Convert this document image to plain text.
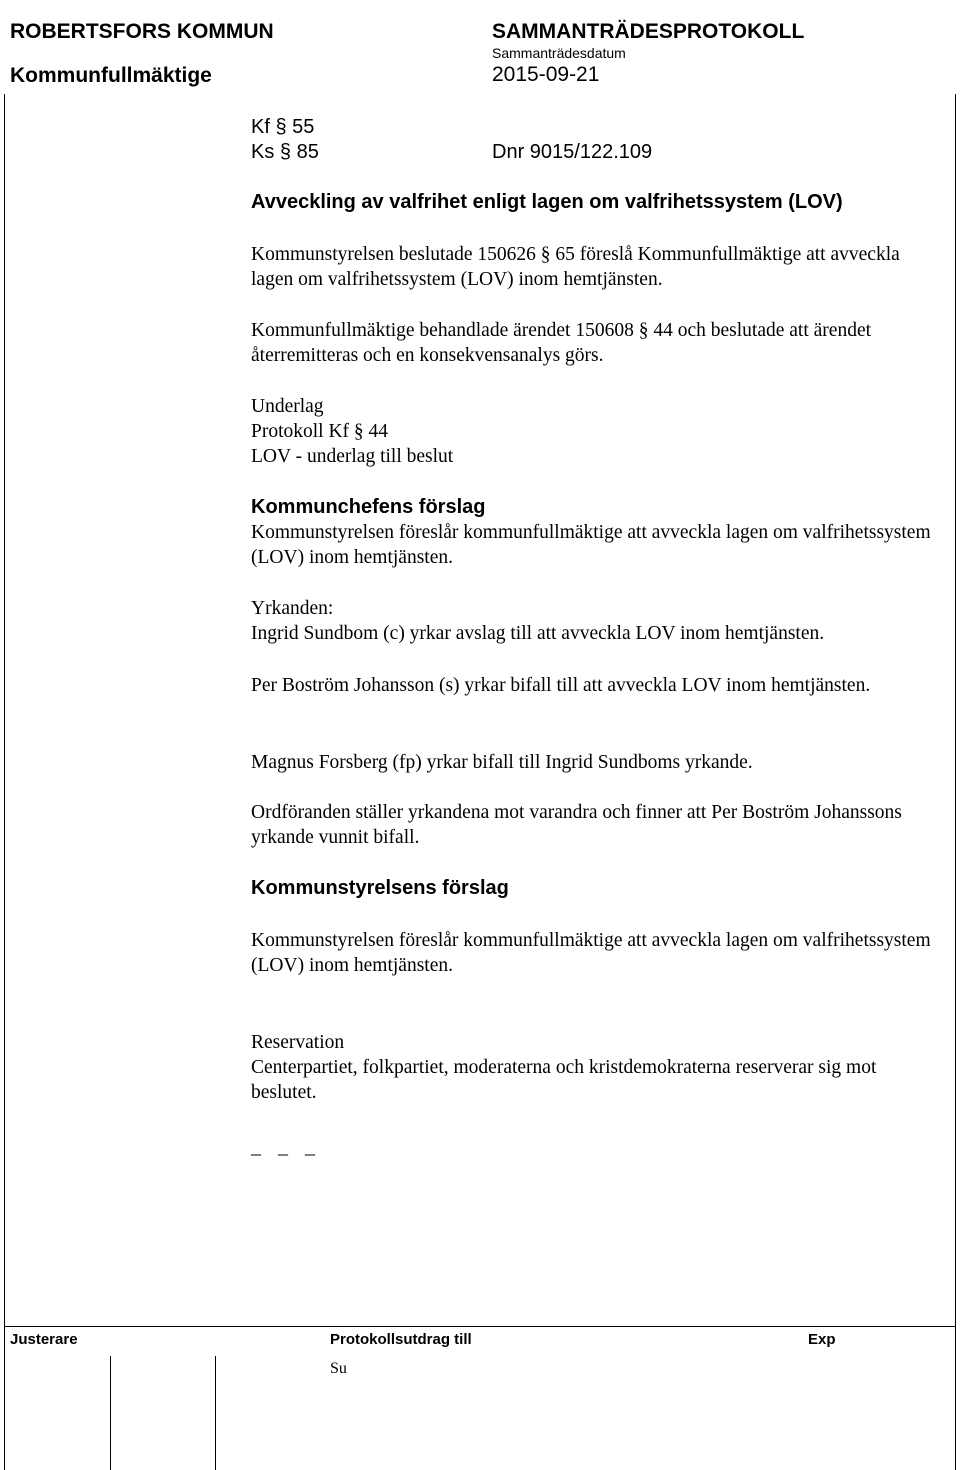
ROBERTSFORS KOMMUN	SAMMANTRÄDESPROTOKOLL
Kommunfullmäktige
Sammanträdesdatum
2015-09-21
Kf § 55
Ks § 85	Dnr 9015/122.109
Avveckling av valfrihet enligt lagen om valfrihetssystem (LOV)
Kommunstyrelsen beslutade 150626 § 65 föreslå Kommunfullmäktige att avveckla lagen om valfrihetssystem (LOV) inom hemtjänsten.
Kommunfullmäktige behandlade ärendet 150608 § 44 och beslutade att ärendet återremitteras och en konsekvensanalys görs.
Underlag
Protokoll Kf § 44
LOV - underlag till beslut
Kommunchefens förslag
Kommunstyrelsen föreslår kommunfullmäktige att avveckla lagen om valfrihetssystem (LOV) inom hemtjänsten.
Yrkanden:
Ingrid Sundbom (c) yrkar avslag till att avveckla LOV inom hemtjänsten.
Per Boström Johansson (s) yrkar bifall till att avveckla LOV inom hemtjänsten.
Magnus Forsberg (fp) yrkar bifall till Ingrid Sundboms yrkande.
Ordföranden ställer yrkandena mot varandra och finner att Per Boström Johanssons yrkande vunnit bifall.
Kommunstyrelsens förslag
Kommunstyrelsen föreslår kommunfullmäktige att avveckla lagen om valfrihetssystem (LOV) inom hemtjänsten.
Reservation
Centerpartiet, folkpartiet, moderaterna och kristdemokraterna reserverar sig mot beslutet.
_ _ _
Justerare	Protokollsutdrag till	Exp
Su
